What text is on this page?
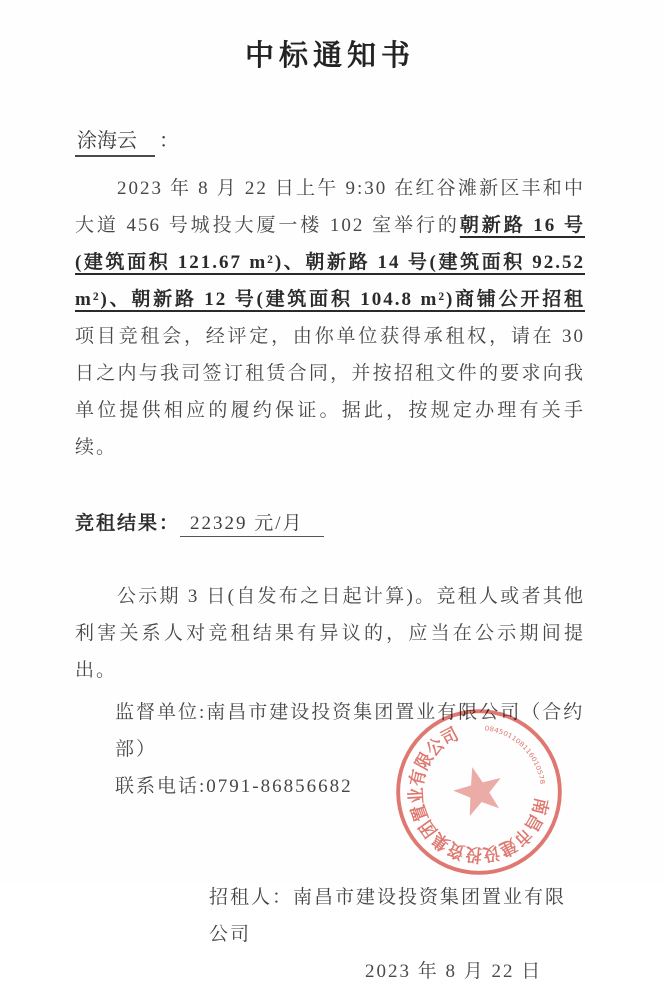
中标通知书
涂海云 ：

2023 年 8 月 22 日上午 9:30 在红谷滩新区丰和中大道 456 号城投大厦一楼 102 室举行的朝新路 16 号(建筑面积 121.67 m²)、朝新路 14 号(建筑面积 92.52 m²)、朝新路 12 号(建筑面积 104.8 m²)商铺公开招租项目竞租会，经评定，由你单位获得承租权，请在 30 日之内与我司签订租赁合同，并按招租文件的要求向我单位提供相应的履约保证。据此，按规定办理有关手续。

竞租结果： 22329 元/月

公示期 3 日(自发布之日起计算)。竞租人或者其他利害关系人对竞租结果有异议的，应当在公示期间提出。

监督单位:南昌市建设投资集团置业有限公司（合约部）
联系电话:0791-86856682
招租人：南昌市建设投资集团置业有限公司
2023 年 8 月 22 日
南昌市建设投资集团置业有限公司	084501108116010578
